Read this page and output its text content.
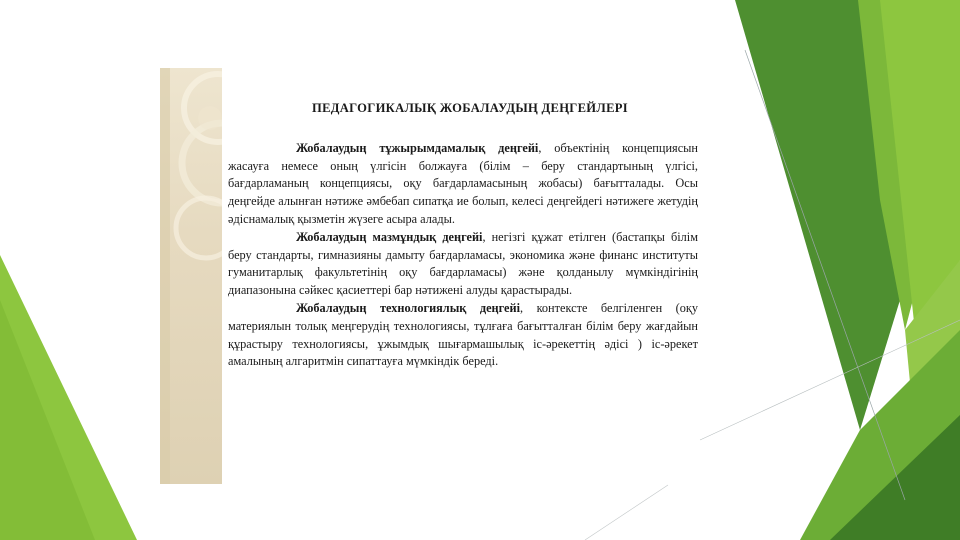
ПЕДАГОГИКАЛЫҚ ЖОБАЛАУДЫҢ ДЕҢГЕЙЛЕРІ

Жобалаудың тұжырымдамалық деңгейі, объектінің концепциясын жасауға немесе оның үлгісін болжауға (білім – беру стандартының үлгісі, бағдарламаның концепциясы, оқу бағдарламасының жобасы) бағытталады. Осы деңгейде алынған нәтиже әмбебап сипатқа ие болып, келесі деңгейдегі нәтижеге жетудің әдіснамалық қызметін жүзеге асыра алады.

Жобалаудың мазмұндық деңгейі, негізгі құжат етілген (бастапқы білім беру стандарты, гимназияны дамыту бағдарламасы, экономика және финанс институты гуманитарлық факультетінің оқу бағдарламасы) және қолданылу мүмкіндігінің диапазонына сәйкес қасиеттері бар нәтижені алуды қарастырады.

Жобалаудың технологиялық деңгейі, контексте белгіленген (оқу материялын толық меңгерудің технологиясы, тұлғаға бағытталған білім беру жағдайын құрастыру технологиясы, ұжымдық шығармашылық іс-әрекеттің әдісі ) іс-әрекет амалының алгаритмін сипаттауға мүмкіндік береді.
